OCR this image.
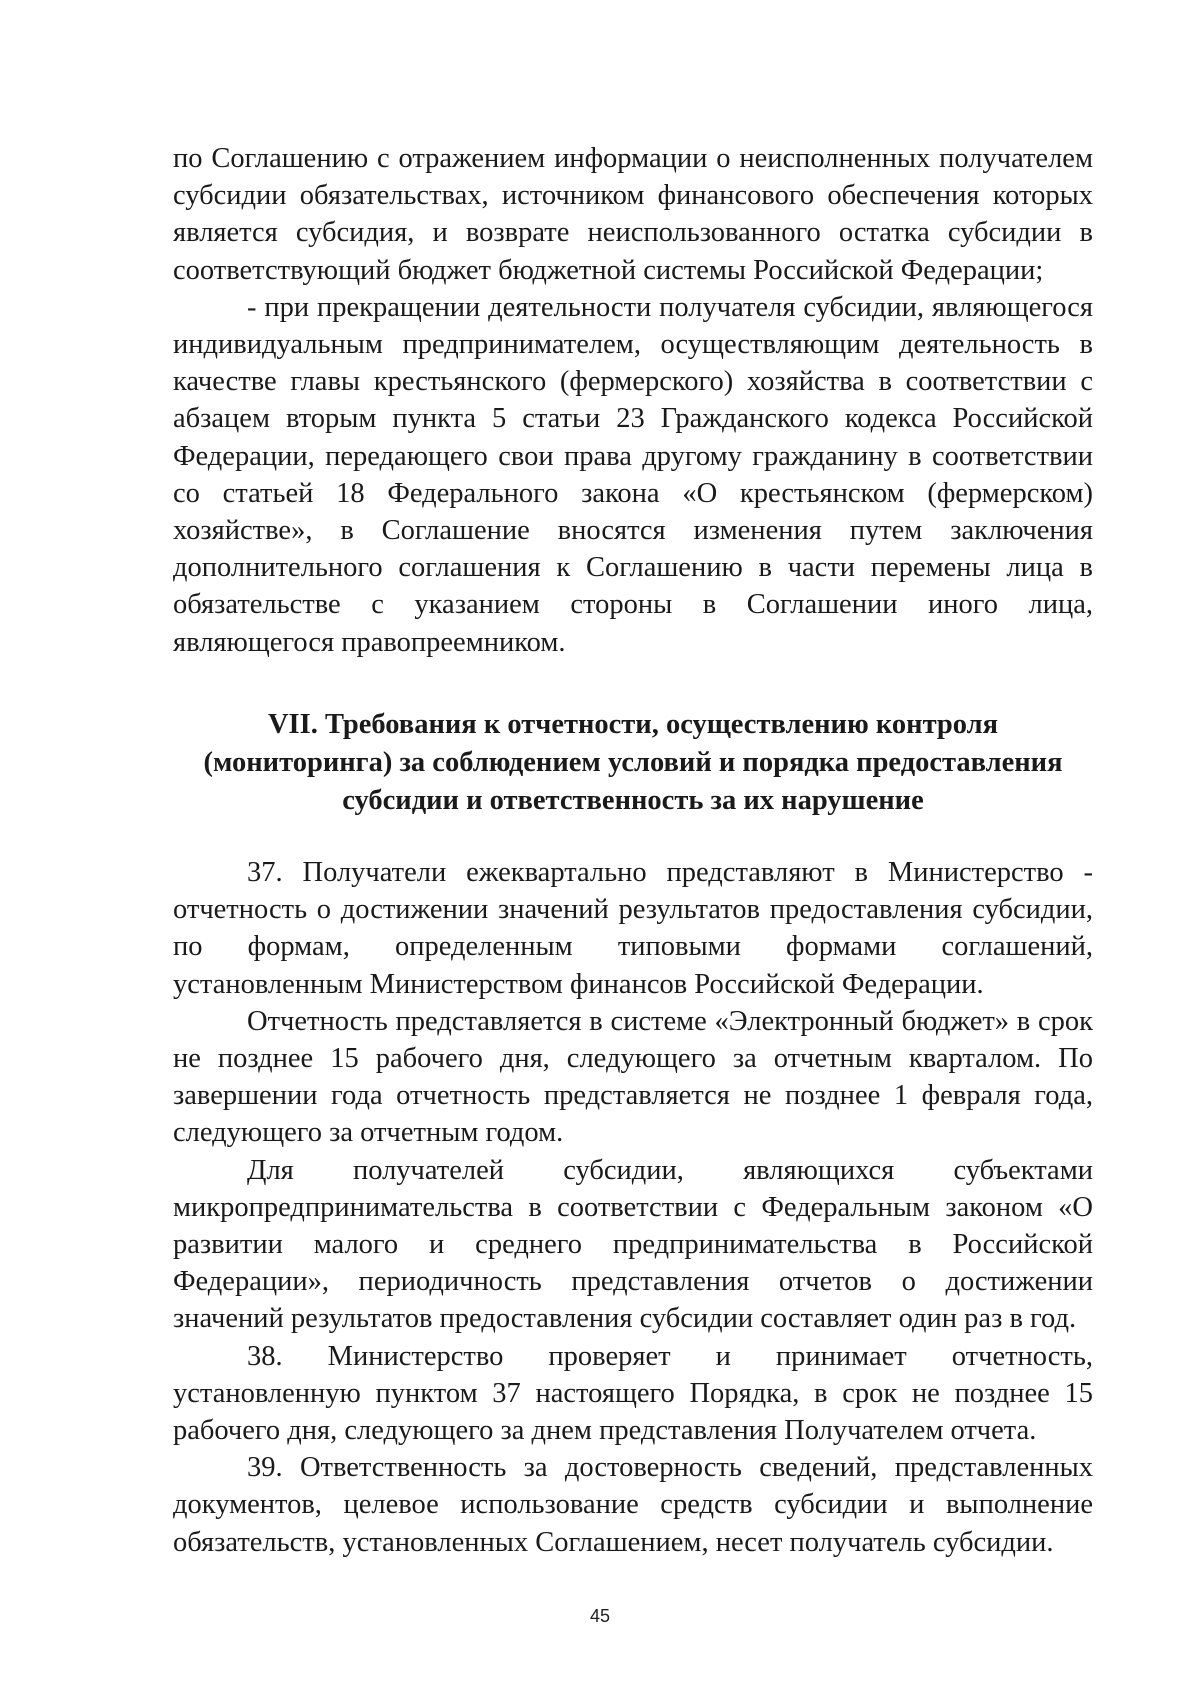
по Соглашению с отражением информации о неисполненных получателем субсидии обязательствах, источником финансового обеспечения которых является субсидия, и возврате неиспользованного остатка субсидии в соответствующий бюджет бюджетной системы Российской Федерации;

- при прекращении деятельности получателя субсидии, являющегося индивидуальным предпринимателем, осуществляющим деятельность в качестве главы крестьянского (фермерского) хозяйства в соответствии с абзацем вторым пункта 5 статьи 23 Гражданского кодекса Российской Федерации, передающего свои права другому гражданину в соответствии со статьей 18 Федерального закона «О крестьянском (фермерском) хозяйстве», в Соглашение вносятся изменения путем заключения дополнительного соглашения к Соглашению в части перемены лица в обязательстве с указанием стороны в Соглашении иного лица, являющегося правопреемником.

VII. Требования к отчетности, осуществлению контроля
(мониторинга) за соблюдением условий и порядка предоставления
субсидии и ответственность за их нарушение

37. Получатели ежеквартально представляют в Министерство - отчетность о достижении значений результатов предоставления субсидии, по формам, определенным типовыми формами соглашений, установленным Министерством финансов Российской Федерации.

Отчетность представляется в системе «Электронный бюджет» в срок не позднее 15 рабочего дня, следующего за отчетным кварталом. По завершении года отчетность представляется не позднее 1 февраля года, следующего за отчетным годом.

Для получателей субсидии, являющихся субъектами микропредпринимательства в соответствии с Федеральным законом «О развитии малого и среднего предпринимательства в Российской Федерации», периодичность представления отчетов о достижении значений результатов предоставления субсидии составляет один раз в год.

38. Министерство проверяет и принимает отчетность, установленную пунктом 37 настоящего Порядка, в срок не позднее 15 рабочего дня, следующего за днем представления Получателем отчета.

39. Ответственность за достоверность сведений, представленных документов, целевое использование средств субсидии и выполнение обязательств, установленных Соглашением, несет получатель субсидии.

45
